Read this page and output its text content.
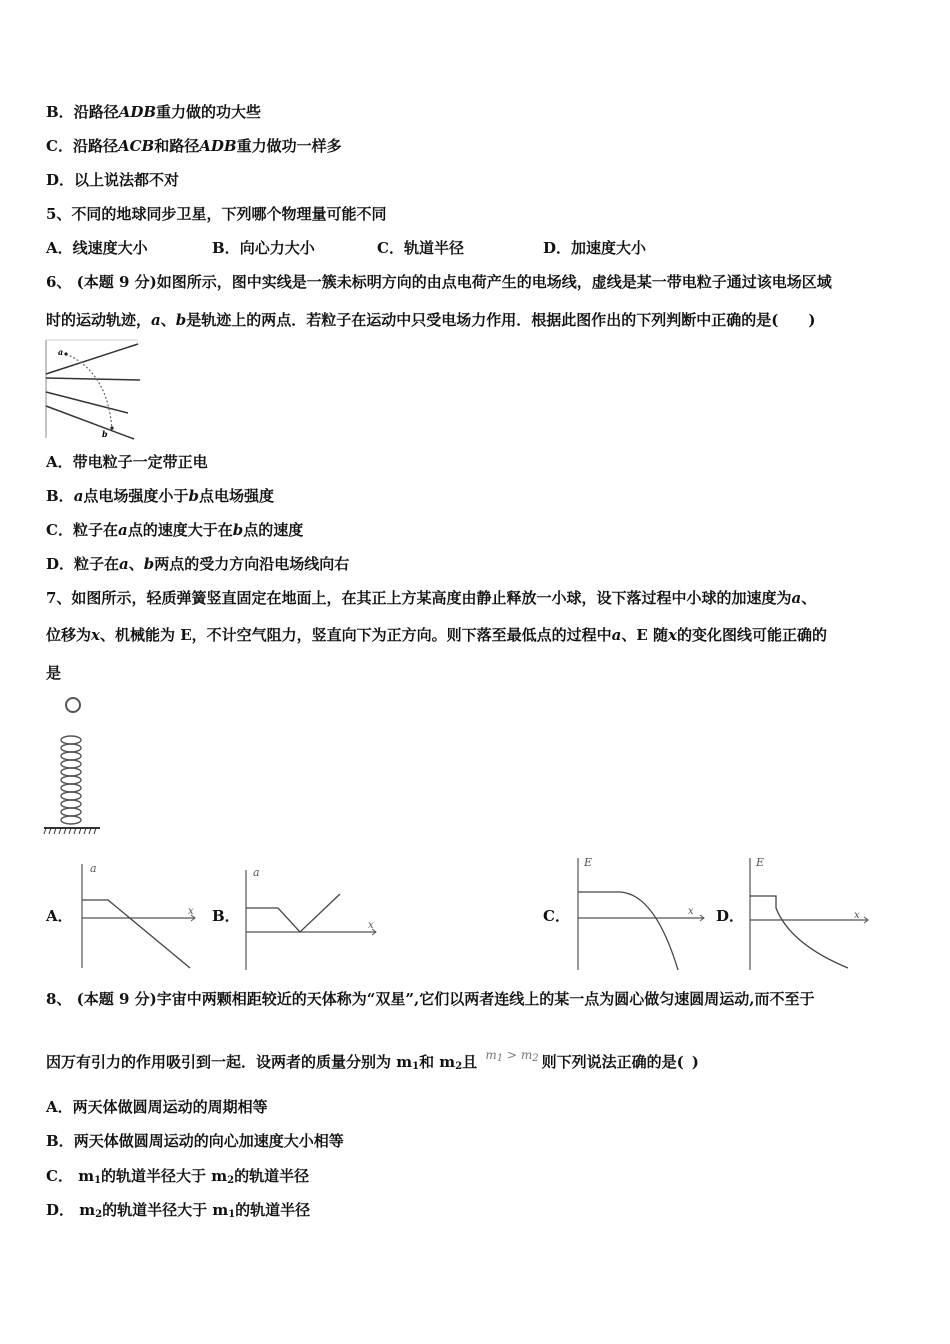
B．沿路径ADB重力做的功大些
C．沿路径ACB和路径ADB重力做功一样多
D．以上说法都不对
5、不同的地球同步卫星，下列哪个物理量可能不同
A．线速度大小	B．向心力大小	C．轨道半径	D．加速度大小
6、 (本题 9 分)如图所示，图中实线是一簇未标明方向的由点电荷产生的电场线，虚线是某一带电粒子通过该电场区域
时的运动轨迹，a、b是轨迹上的两点．若粒子在运动中只受电场力作用．根据此图作出的下列判断中正确的是( )
a
b
A．带电粒子一定带正电
B．a点电场强度小于b点电场强度
C．粒子在a点的速度大于在b点的速度
D．粒子在a、b两点的受力方向沿电场线向右
7、如图所示，轻质弹簧竖直固定在地面上，在其正上方某高度由静止释放一小球，设下落过程中小球的加速度为a、
位移为x、机械能为 E，不计空气阻力，竖直向下为正方向。则下落至最低点的过程中a、E 随x的变化图线可能正确的
是
A．
a
x B．
a
x
C．
E
x D．
E
x
8、 (本题 9 分)宇宙中两颗相距较近的天体称为“双星”,它们以两者连线上的某一点为圆心做匀速圆周运动,而不至于
因万有引力的作用吸引到一起．设两者的质量分别为 $m_1$和 $m_2$且 $m_1 > m_2$ 则下列说法正确的是( )
A．两天体做圆周运动的周期相等
B．两天体做圆周运动的向心加速度大小相等
C． $m_1$的轨道半径大于 $m_2$的轨道半径
D． $m_2$的轨道半径大于 $m_1$的轨道半径
